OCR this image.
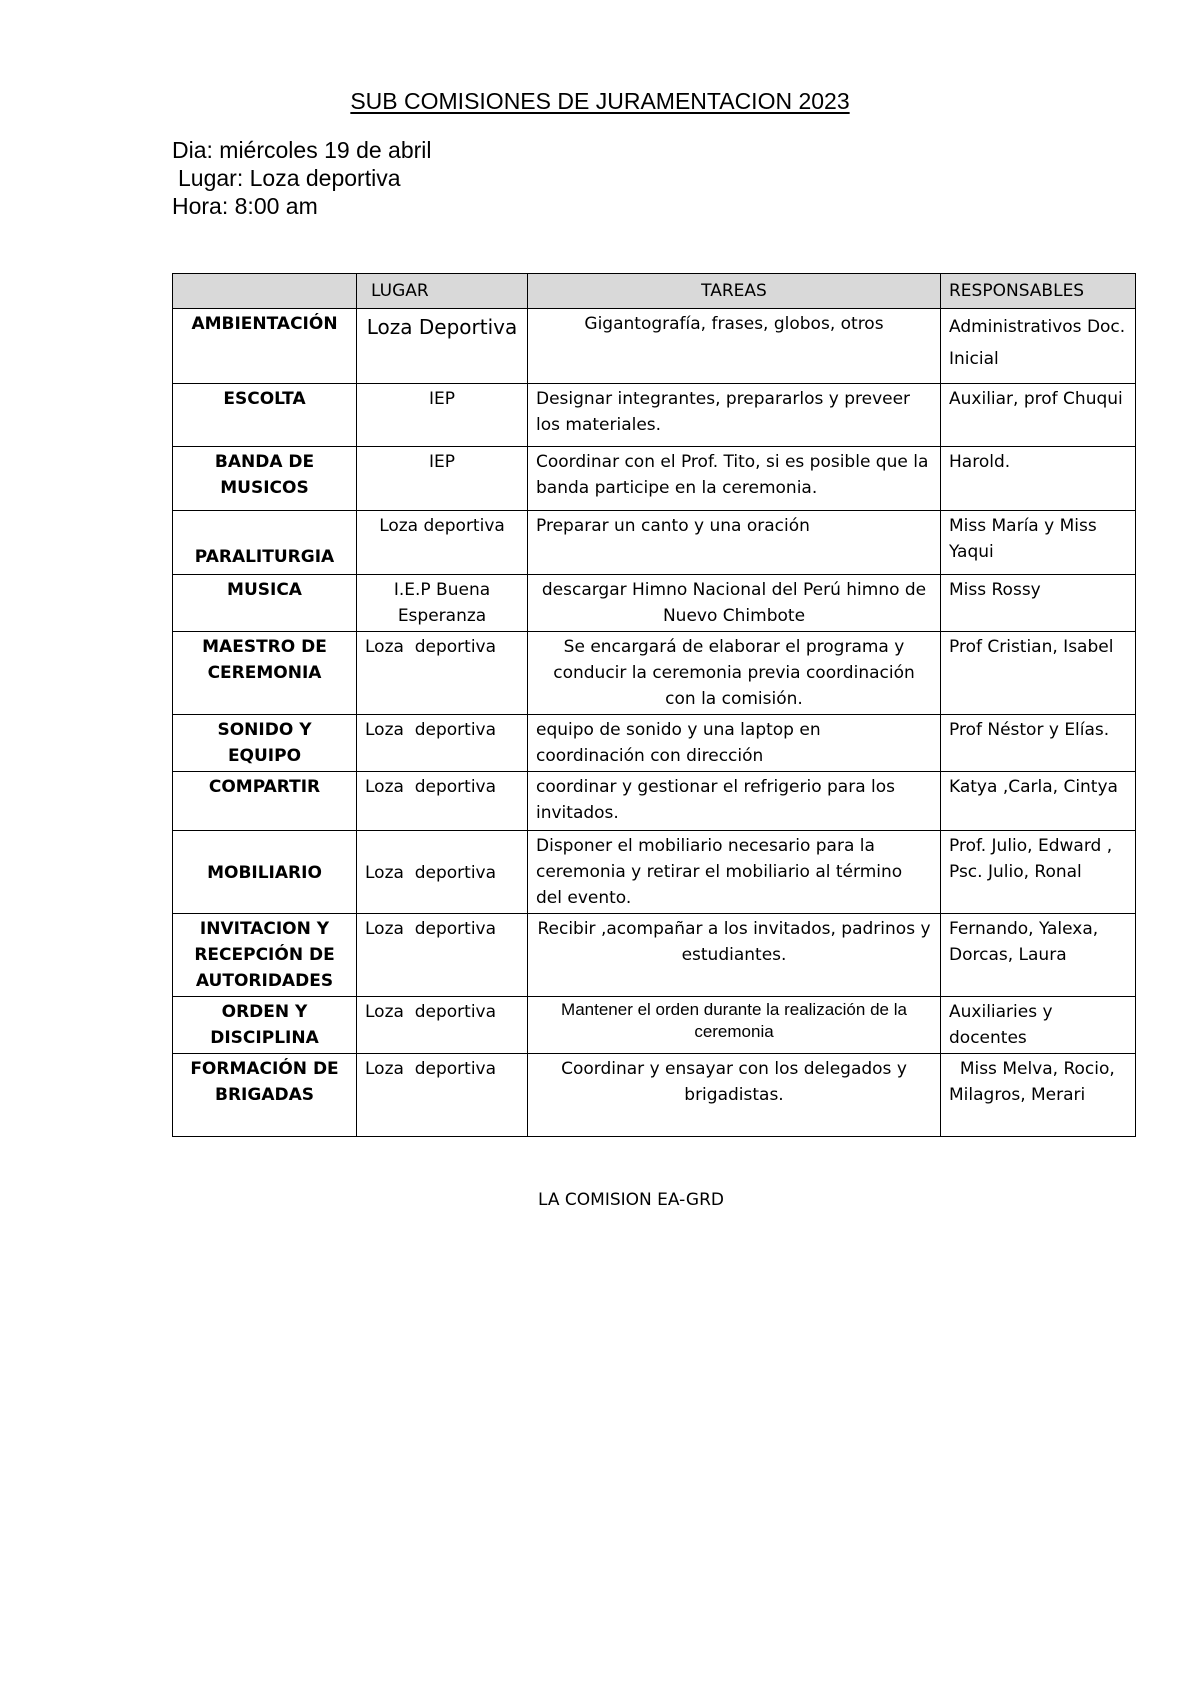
SUB COMISIONES DE JURAMENTACION 2023
Dia: miércoles 19 de abril
Lugar: Loza deportiva
Hora: 8:00 am
	LUGAR	TAREAS	RESPONSABLES
AMBIENTACIÓN	Loza Deportiva	Gigantografía, frases, globos, otros	Administrativos Doc. Inicial
ESCOLTA	IEP	Designar integrantes, prepararlos y preveer los materiales.	Auxiliar, prof Chuqui
BANDA DE MUSICOS	IEP	Coordinar con el Prof. Tito, si es posible que la banda participe en la ceremonia.	Harold.
PARALITURGIA	Loza deportiva	Preparar un canto y una oración	Miss María y Miss Yaqui
MUSICA	I.E.P Buena Esperanza	descargar Himno Nacional del Perú himno de Nuevo Chimbote	Miss Rossy
MAESTRO DE CEREMONIA	Loza  deportiva	Se encargará de elaborar el programa y conducir la ceremonia previa coordinación con la comisión.	Prof Cristian, Isabel
SONIDO Y EQUIPO	Loza  deportiva	equipo de sonido y una laptop en coordinación con dirección	Prof Néstor y Elías.
COMPARTIR	Loza  deportiva	coordinar y gestionar el refrigerio para los invitados.	Katya ,Carla, Cintya
MOBILIARIO	Loza  deportiva	Disponer el mobiliario necesario para la ceremonia y retirar el mobiliario al término del evento.	Prof. Julio, Edward , Psc. Julio, Ronal
INVITACION Y RECEPCIÓN DE AUTORIDADES	Loza  deportiva	Recibir ,acompañar a los invitados, padrinos y estudiantes.	Fernando, Yalexa, Dorcas, Laura
ORDEN Y DISCIPLINA	Loza  deportiva	Mantener el orden durante la realización de la ceremonia	Auxiliaries y docentes
FORMACIÓN DE BRIGADAS	Loza  deportiva	Coordinar y ensayar con los delegados y brigadistas.	Miss Melva, Rocio, Milagros, Merari
LA COMISION EA-GRD
